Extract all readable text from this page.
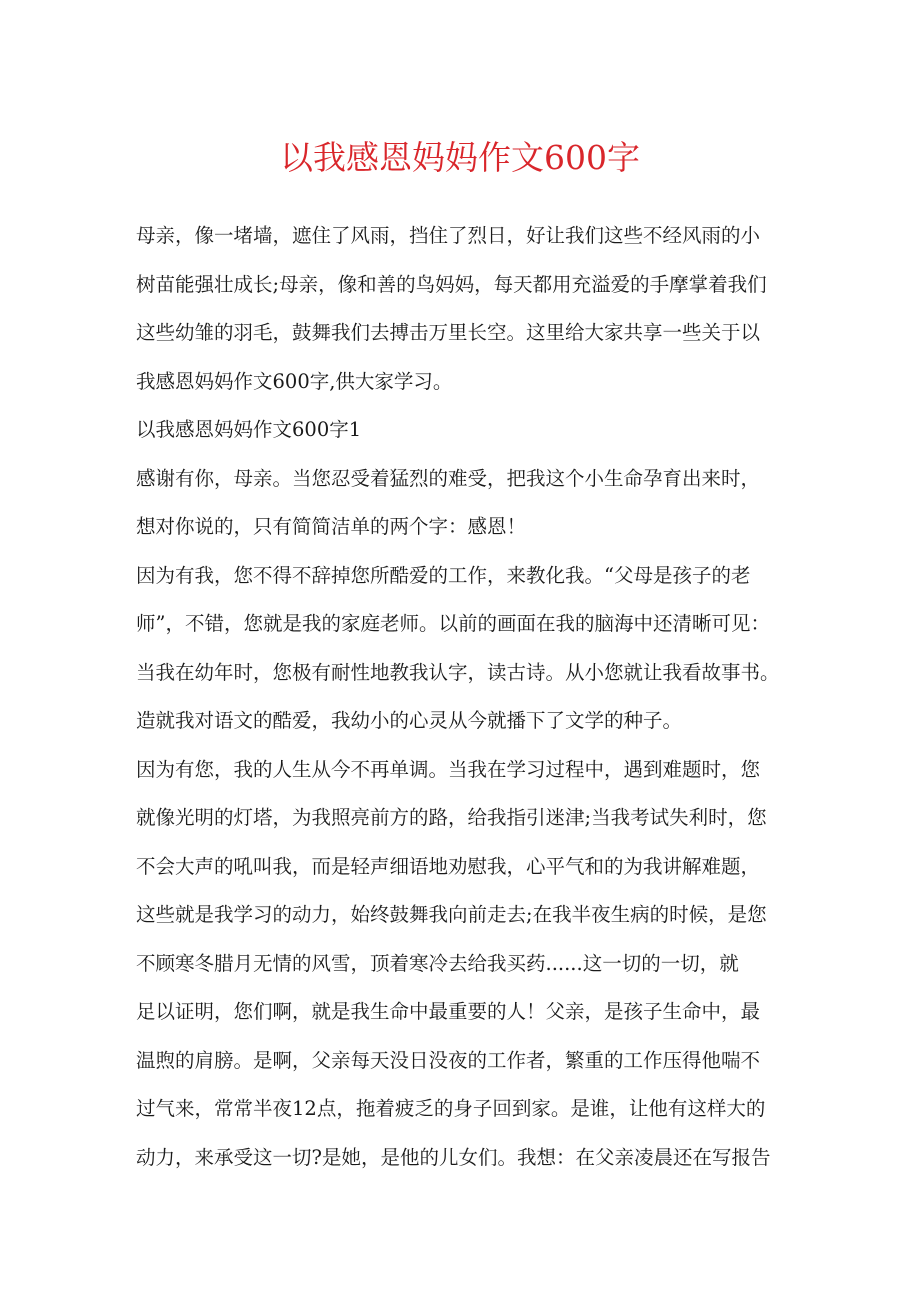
以我感恩妈妈作文600字
母亲，像一堵墙，遮住了风雨，挡住了烈日，好让我们这些不经风雨的小
树苗能强壮成长;母亲，像和善的鸟妈妈，每天都用充溢爱的手摩掌着我们
这些幼雏的羽毛，鼓舞我们去搏击万里长空。这里给大家共享一些关于以
我感恩妈妈作文600字,供大家学习。
以我感恩妈妈作文600字1
感谢有你，母亲。当您忍受着猛烈的难受，把我这个小生命孕育出来时，
想对你说的，只有简简洁单的两个字：感恩！
因为有我，您不得不辞掉您所酷爱的工作，来教化我。“父母是孩子的老
师”，不错，您就是我的家庭老师。以前的画面在我的脑海中还清晰可见：
当我在幼年时，您极有耐性地教我认字，读古诗。从小您就让我看故事书。
造就我对语文的酷爱，我幼小的心灵从今就播下了文学的种子。
因为有您，我的人生从今不再单调。当我在学习过程中，遇到难题时，您
就像光明的灯塔，为我照亮前方的路，给我指引迷津;当我考试失利时，您
不会大声的吼叫我，而是轻声细语地劝慰我，心平气和的为我讲解难题，
这些就是我学习的动力，始终鼓舞我向前走去;在我半夜生病的时候，是您
不顾寒冬腊月无情的风雪，顶着寒冷去给我买药......这一切的一切，就
足以证明，您们啊，就是我生命中最重要的人！父亲，是孩子生命中，最
温煦的肩膀。是啊，父亲每天没日没夜的工作者，繁重的工作压得他喘不
过气来，常常半夜12点，拖着疲乏的身子回到家。是谁，让他有这样大的
动力，来承受这一切?是她，是他的儿女们。我想：在父亲凌晨还在写报告
